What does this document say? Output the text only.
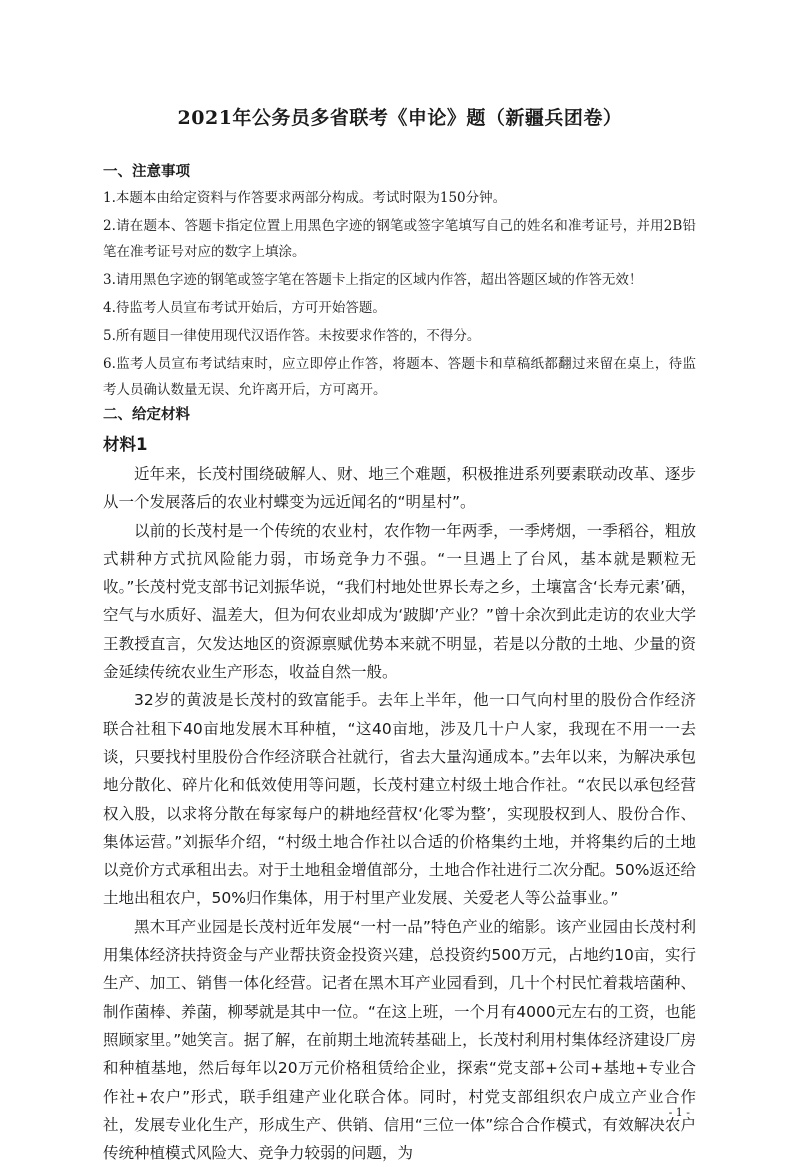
2021年公务员多省联考《申论》题（新疆兵团卷）
一、注意事项

1.本题本由给定资料与作答要求两部分构成。考试时限为150分钟。

2.请在题本、答题卡指定位置上用黑色字迹的钢笔或签字笔填写自己的姓名和准考证号，并用2B铅笔在准考证号对应的数字上填涂。

3.请用黑色字迹的钢笔或签字笔在答题卡上指定的区域内作答，超出答题区域的作答无效！

4.待监考人员宣布考试开始后，方可开始答题。

5.所有题目一律使用现代汉语作答。未按要求作答的，不得分。

6.监考人员宣布考试结束时，应立即停止作答，将题本、答题卡和草稿纸都翻过来留在桌上，待监考人员确认数量无误、允许离开后，方可离开。

二、给定材料
材料1

近年来，长茂村围绕破解人、财、地三个难题，积极推进系列要素联动改革、逐步从一个发展落后的农业村蝶变为远近闻名的“明星村”。

以前的长茂村是一个传统的农业村，农作物一年两季，一季烤烟，一季稻谷，粗放式耕种方式抗风险能力弱，市场竞争力不强。“一旦遇上了台风，基本就是颗粒无收。”长茂村党支部书记刘振华说，“我们村地处世界长寿之乡，土壤富含‘长寿元素’硒，空气与水质好、温差大，但为何农业却成为‘跛脚’产业？”曾十余次到此走访的农业大学王教授直言，欠发达地区的资源禀赋优势本来就不明显，若是以分散的土地、少量的资金延续传统农业生产形态，收益自然一般。

32岁的黄波是长茂村的致富能手。去年上半年，他一口气向村里的股份合作经济联合社租下40亩地发展木耳种植，“这40亩地，涉及几十户人家，我现在不用一一去谈，只要找村里股份合作经济联合社就行，省去大量沟通成本。”去年以来，为解决承包地分散化、碎片化和低效使用等问题，长茂村建立村级土地合作社。“农民以承包经营权入股，以求将分散在每家每户的耕地经营权‘化零为整’，实现股权到人、股份合作、集体运营。”刘振华介绍，“村级土地合作社以合适的价格集约土地，并将集约后的土地以竞价方式承租出去。对于土地租金增值部分，土地合作社进行二次分配。50%返还给土地出租农户，50%归作集体，用于村里产业发展、关爱老人等公益事业。”

黑木耳产业园是长茂村近年发展“一村一品”特色产业的缩影。该产业园由长茂村利用集体经济扶持资金与产业帮扶资金投资兴建，总投资约500万元，占地约10亩，实行生产、加工、销售一体化经营。记者在黑木耳产业园看到，几十个村民忙着栽培菌种、制作菌棒、养菌，柳琴就是其中一位。“在这上班，一个月有4000元左右的工资，也能照顾家里。”她笑言。据了解，在前期土地流转基础上，长茂村利用村集体经济建设厂房和种植基地，然后每年以20万元价格租赁给企业，探索“党支部+公司+基地+专业合作社+农户”形式，联手组建产业化联合体。同时，村党支部组织农户成立产业合作社，发展专业化生产，形成生产、供销、信用“三位一体”综合合作模式，有效解决农户传统种植模式风险大、竞争力较弱的问题，为

- 1 -
